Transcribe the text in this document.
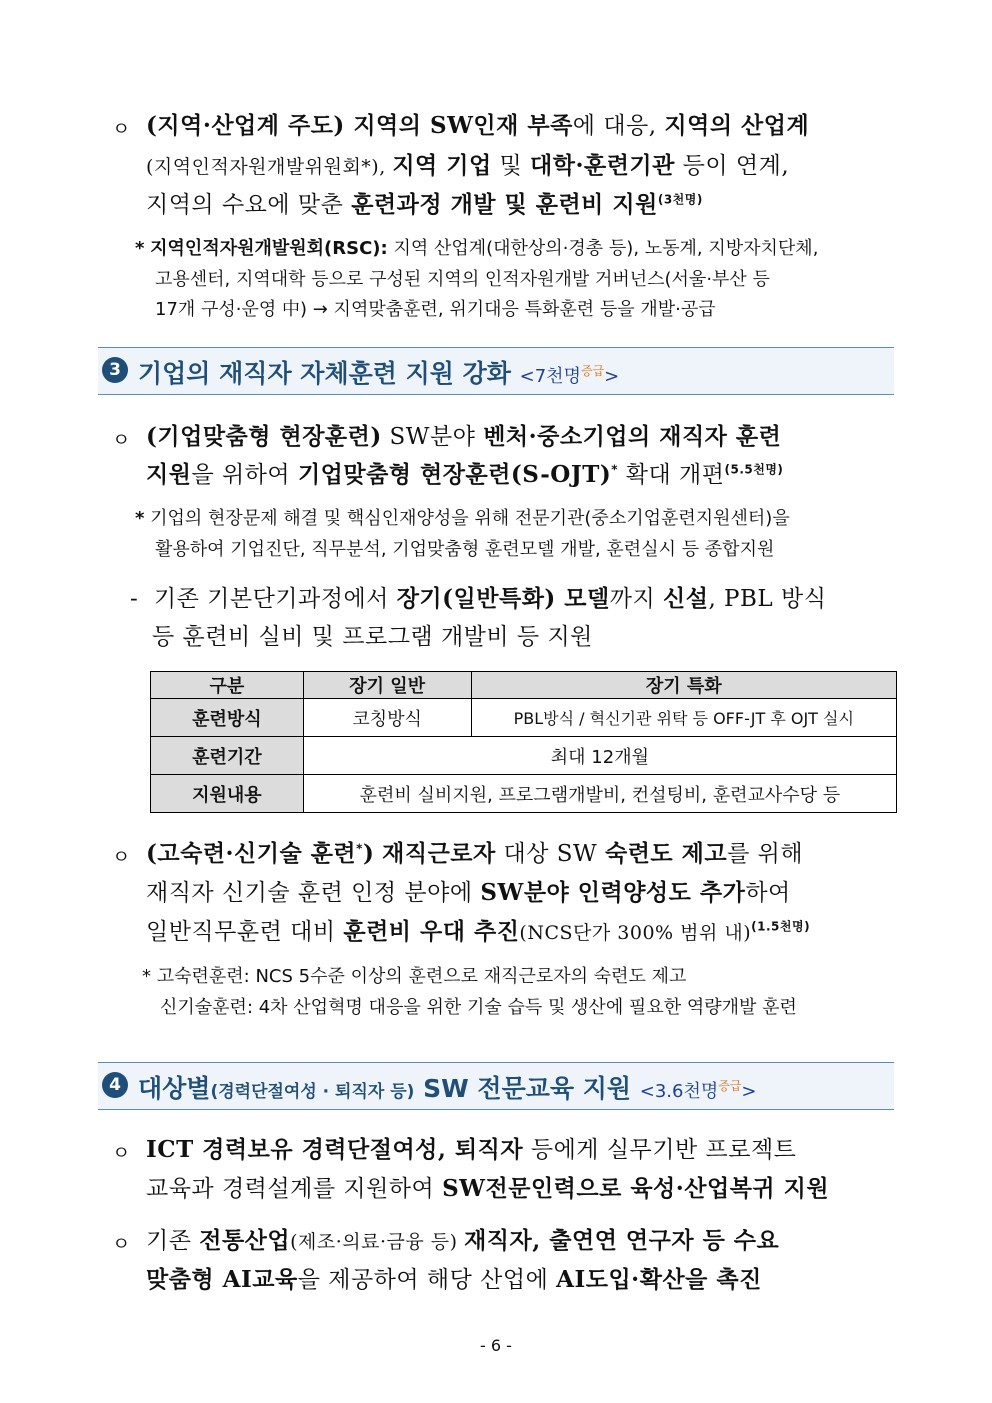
ㅇ (지역·산업계 주도) 지역의 SW인재 부족에 대응, 지역의 산업계
(지역인적자원개발위원회*), 지역 기업 및 대학·훈련기관 등이 연계,
지역의 수요에 맞춘 훈련과정 개발 및 훈련비 지원$^{(3천명)}$
* 지역인적자원개발원회(RSC): 지역 산업계(대한상의·경총 등), 노동계, 지방자치단체,
고용센터, 지역대학 등으로 구성된 지역의 인적자원개발 거버넌스(서울·부산 등
17개 구성·운영 中) → 지역맞춤훈련, 위기대응 특화훈련 등을 개발·공급
3 기업의 재직자 자체훈련 지원 강화 <7천명$^{증급}$>
ㅇ (기업맞춤형 현장훈련) SW분야 벤처·중소기업의 재직자 훈련
지원을 위하여 기업맞춤형 현장훈련(S-OJT)* 확대 개편$^{(5.5천명)}$
* 기업의 현장문제 해결 및 핵심인재양성을 위해 전문기관(중소기업훈련지원센터)을
활용하여 기업진단, 직무분석, 기업맞춤형 훈련모델 개발, 훈련실시 등 종합지원
- 기존 기본단기과정에서 장기(일반특화) 모델까지 신설, PBL 방식
등 훈련비 실비 및 프로그램 개발비 등 지원
구분	장기 일반	장기 특화
훈련방식	코칭방식	PBL방식 / 혁신기관 위탁 등 OFF-JT 후 OJT 실시
훈련기간	최대 12개월	
지원내용	훈련비 실비지원, 프로그램개발비, 컨설팅비, 훈련교사수당 등	
ㅇ (고숙련·신기술 훈련*) 재직근로자 대상 SW 숙련도 제고를 위해
재직자 신기술 훈련 인정 분야에 SW분야 인력양성도 추가하여
일반직무훈련 대비 훈련비 우대 추진(NCS단가 300% 범위 내)$^{(1.5천명)}$
* 고숙련훈련: NCS 5수준 이상의 훈련으로 재직근로자의 숙련도 제고
신기술훈련: 4차 산업혁명 대응을 위한 기술 습득 및 생산에 필요한 역량개발 훈련
4 대상별(경력단절여성 · 퇴직자 등) SW 전문교육 지원 <3.6천명$^{증급}$>
ㅇ ICT 경력보유 경력단절여성, 퇴직자 등에게 실무기반 프로젝트
교육과 경력설계를 지원하여 SW전문인력으로 육성·산업복귀 지원
ㅇ 기존 전통산업(제조·의료·금융 등) 재직자, 출연연 연구자 등 수요
맞춤형 AI교육을 제공하여 해당 산업에 AI도입·확산을 촉진
- 6 -
